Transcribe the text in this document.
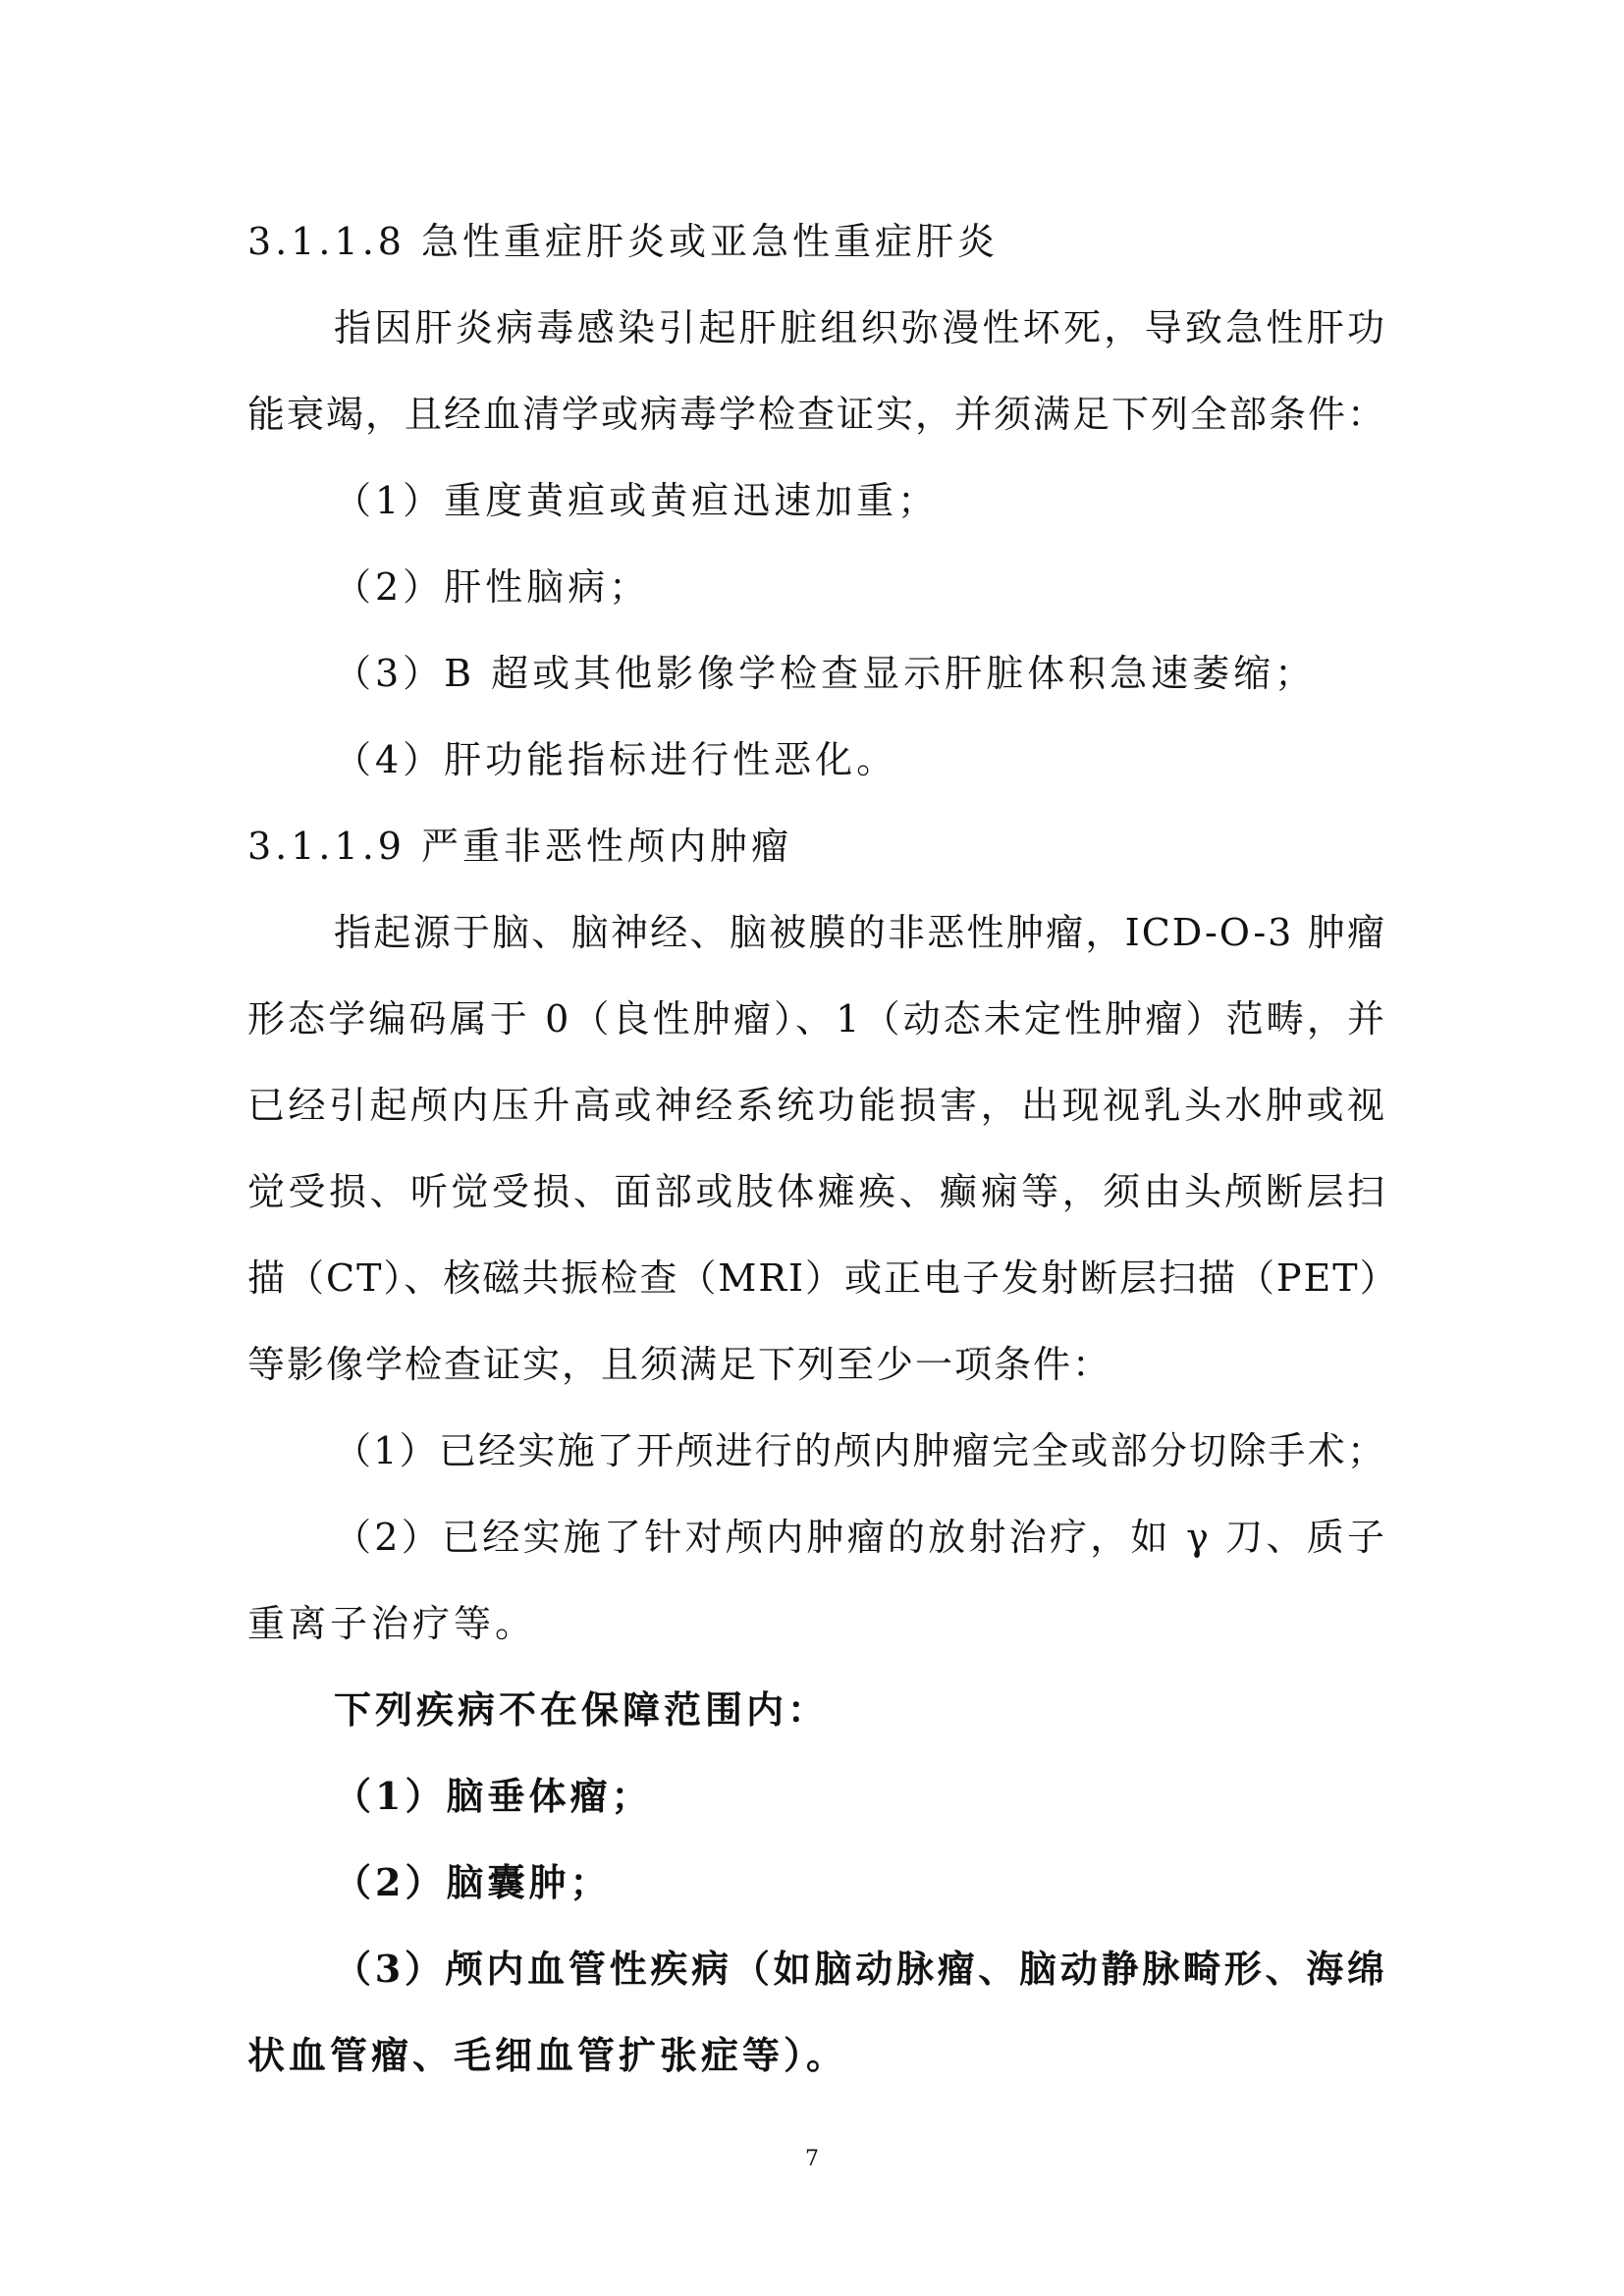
3.1.1.8 急性重症肝炎或亚急性重症肝炎
指因肝炎病毒感染引起肝脏组织弥漫性坏死，导致急性肝功
能衰竭，且经血清学或病毒学检查证实，并须满足下列全部条件：
（1）重度黄疸或黄疸迅速加重；
（2）肝性脑病；
（3）B 超或其他影像学检查显示肝脏体积急速萎缩；
（4）肝功能指标进行性恶化。
3.1.1.9 严重非恶性颅内肿瘤
指起源于脑、脑神经、脑被膜的非恶性肿瘤，ICD-O-3 肿瘤
形态学编码属于 0（良性肿瘤）、1（动态未定性肿瘤）范畴，并
已经引起颅内压升高或神经系统功能损害，出现视乳头水肿或视
觉受损、听觉受损、面部或肢体瘫痪、癫痫等，须由头颅断层扫
描（CT）、核磁共振检查（MRI）或正电子发射断层扫描（PET）
等影像学检查证实，且须满足下列至少一项条件：
（1）已经实施了开颅进行的颅内肿瘤完全或部分切除手术；
（2）已经实施了针对颅内肿瘤的放射治疗，如 γ 刀、质子
重离子治疗等。
下列疾病不在保障范围内：
（1）脑垂体瘤；
（2）脑囊肿；
（3）颅内血管性疾病（如脑动脉瘤、脑动静脉畸形、海绵
状血管瘤、毛细血管扩张症等）。
7
